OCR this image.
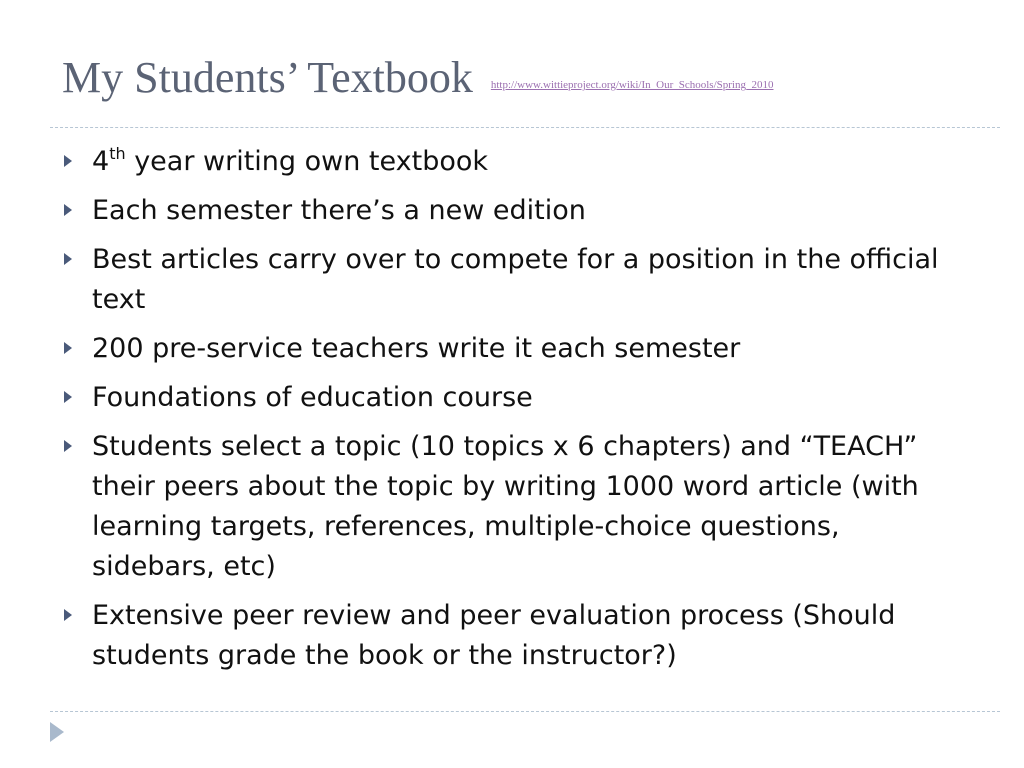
My Students’ Textbook $^{http://www.wittieproject.org/wiki/In\_Our\_Schools/Spring\_2010}$
4th year writing own textbook
Each semester there’s a new edition
Best articles carry over to compete for a position in the official text
200 pre-service teachers write it each semester
Foundations of education course
Students select a topic (10 topics x 6 chapters) and “TEACH” their peers about the topic by writing 1000 word article (with learning targets, references, multiple-choice questions, sidebars, etc)
Extensive peer review and peer evaluation process (Should students grade the book or the instructor?)
